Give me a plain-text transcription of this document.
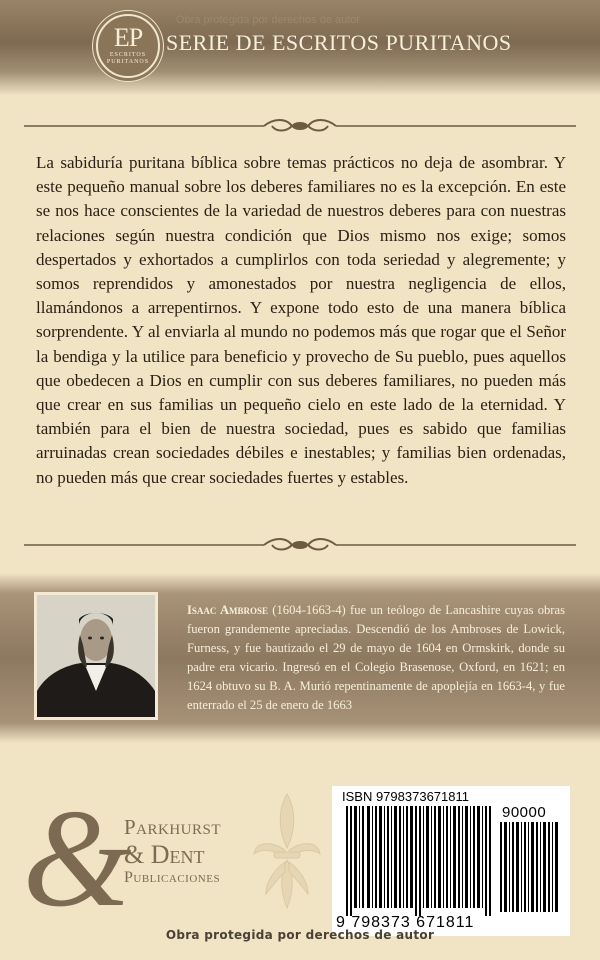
Obra protegida por derechos de autor
EP
ESCRITOS PURITANOS
SERIE DE ESCRITOS PURITANOS

La sabiduría puritana bíblica sobre temas prácticos no deja de asombrar. Y este pequeño manual sobre los deberes familiares no es la excepción. En este se nos hace conscientes de la variedad de nuestros deberes para con nuestras relaciones según nuestra condición que Dios mismo nos exige; somos despertados y exhortados a cumplirlos con toda seriedad y alegremente; y somos reprendidos y amonestados por nuestra negligencia de ellos, llamándonos a arrepentirnos. Y expone todo esto de una manera bíblica sorprendente. Y al enviarla al mundo no podemos más que rogar que el Señor la bendiga y la utilice para beneficio y provecho de Su pueblo, pues aquellos que obedecen a Dios en cumplir con sus deberes familiares, no pueden más que crear en sus familias un pequeño cielo en este lado de la eternidad. Y también para el bien de nuestra sociedad, pues es sabido que familias arruinadas crean sociedades débiles e inestables; y familias bien ordenadas, no pueden más que crear sociedades fuertes y estables.

Isaac Ambrose (1604-1663-4) fue un teólogo de Lancashire cuyas obras fueron grandemente apreciadas. Descendió de los Ambroses de Lowick, Furness, y fue bautizado el 29 de mayo de 1604 en Ormskirk, donde su padre era vicario. Ingresó en el Colegio Brasenose, Oxford, en 1621; en 1624 obtuvo su B. A. Murió repentinamente de apoplejía en 1663-4, y fue enterrado el 25 de enero de 1663

&
Parkhurst
& Dent
Publicaciones
ISBN 9798373671811
90000
9 798373 671811
Obra protegida por derechos de autor
